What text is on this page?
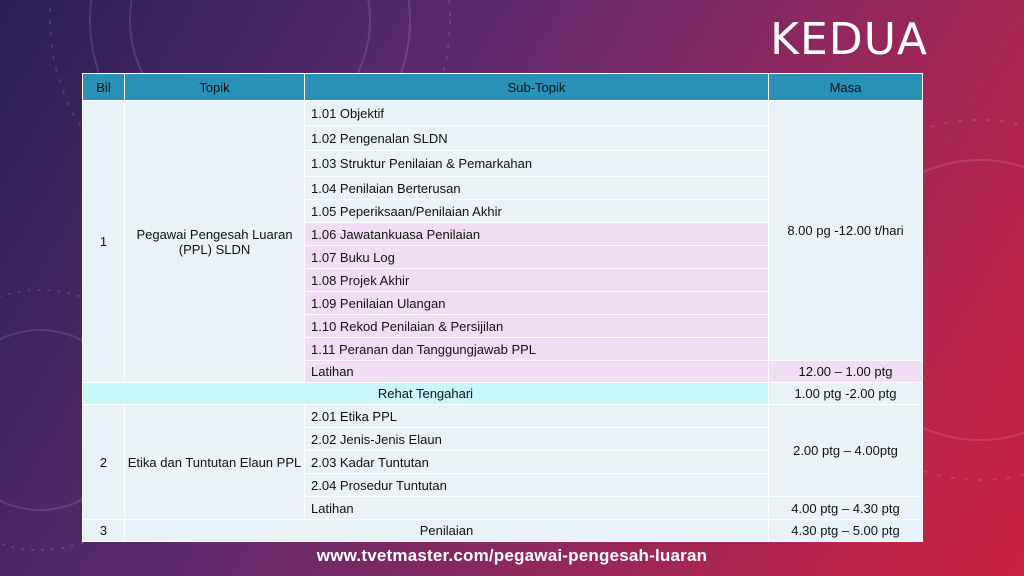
KEDUA
Bil	Topik	Sub-Topik	Masa
1	Pegawai Pengesah Luaran (PPL) SLDN	1.01 Objektif	8.00 pg -12.00 t/hari
		1.02 Pengenalan SLDN	
		1.03 Struktur Penilaian & Pemarkahan	
		1.04 Penilaian Berterusan	
		1.05 Peperiksaan/Penilaian Akhir	
		1.06 Jawatankuasa Penilaian	
		1.07 Buku Log	
		1.08 Projek Akhir	
		1.09 Penilaian Ulangan	
		1.10 Rekod Penilaian & Persijilan	
		1.11 Peranan dan Tanggungjawab PPL	
		Latihan	12.00 – 1.00 ptg
Rehat Tengahari			1.00 ptg -2.00 ptg
2	Etika dan Tuntutan Elaun PPL	2.01 Etika PPL	2.00 ptg – 4.00ptg
		2.02 Jenis-Jenis Elaun	
		2.03 Kadar Tuntutan	
		2.04 Prosedur Tuntutan	
		Latihan	4.00 ptg – 4.30 ptg
3	Penilaian		4.30 ptg – 5.00 ptg
www.tvetmaster.com/pegawai-pengesah-luaran
